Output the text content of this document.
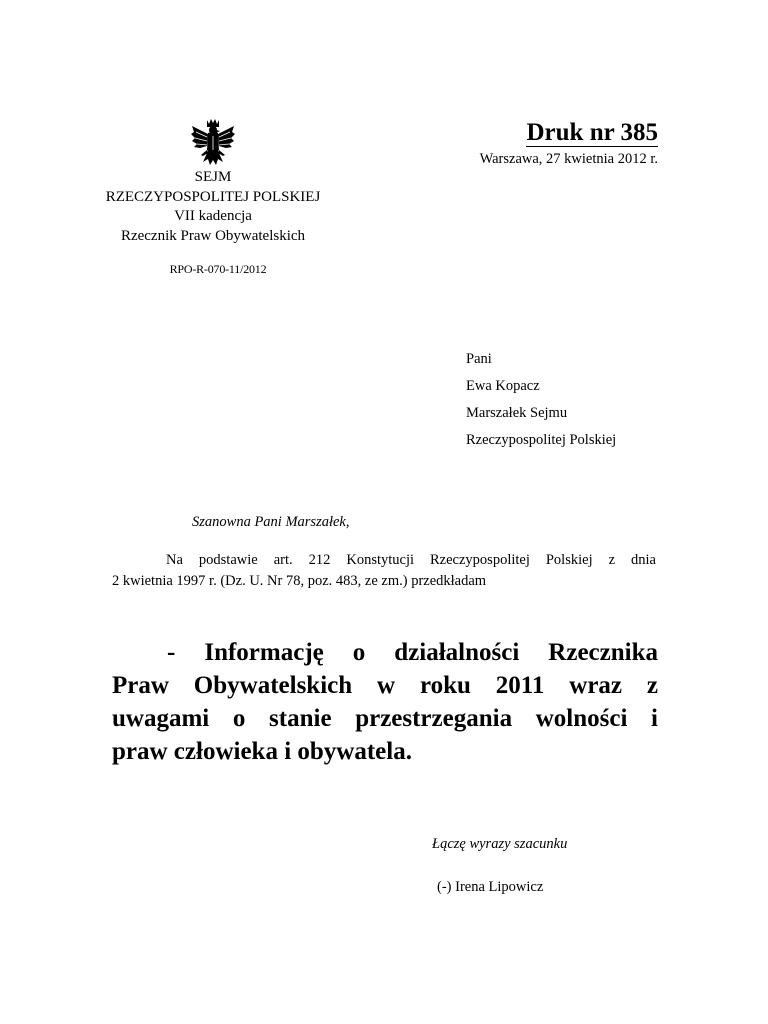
SEJM
RZECZYPOSPOLITEJ POLSKIEJ
VII kadencja
Rzecznik Praw Obywatelskich
RPO-R-070-11/2012
Druk nr 385
Warszawa, 27 kwietnia 2012 r.
Pani
Ewa Kopacz
Marszałek Sejmu
Rzeczypospolitej Polskiej
Szanowna Pani Marszałek,
Na podstawie art. 212 Konstytucji Rzeczypospolitej Polskiej z dnia
2 kwietnia 1997 r. (Dz. U. Nr 78, poz. 483, ze zm.) przedkładam
- Informację o działalności Rzecznika
Praw Obywatelskich w roku 2011 wraz z
uwagami o stanie przestrzegania wolności i
praw człowieka i obywatela.
Łączę wyrazy szacunku
(-) Irena Lipowicz
